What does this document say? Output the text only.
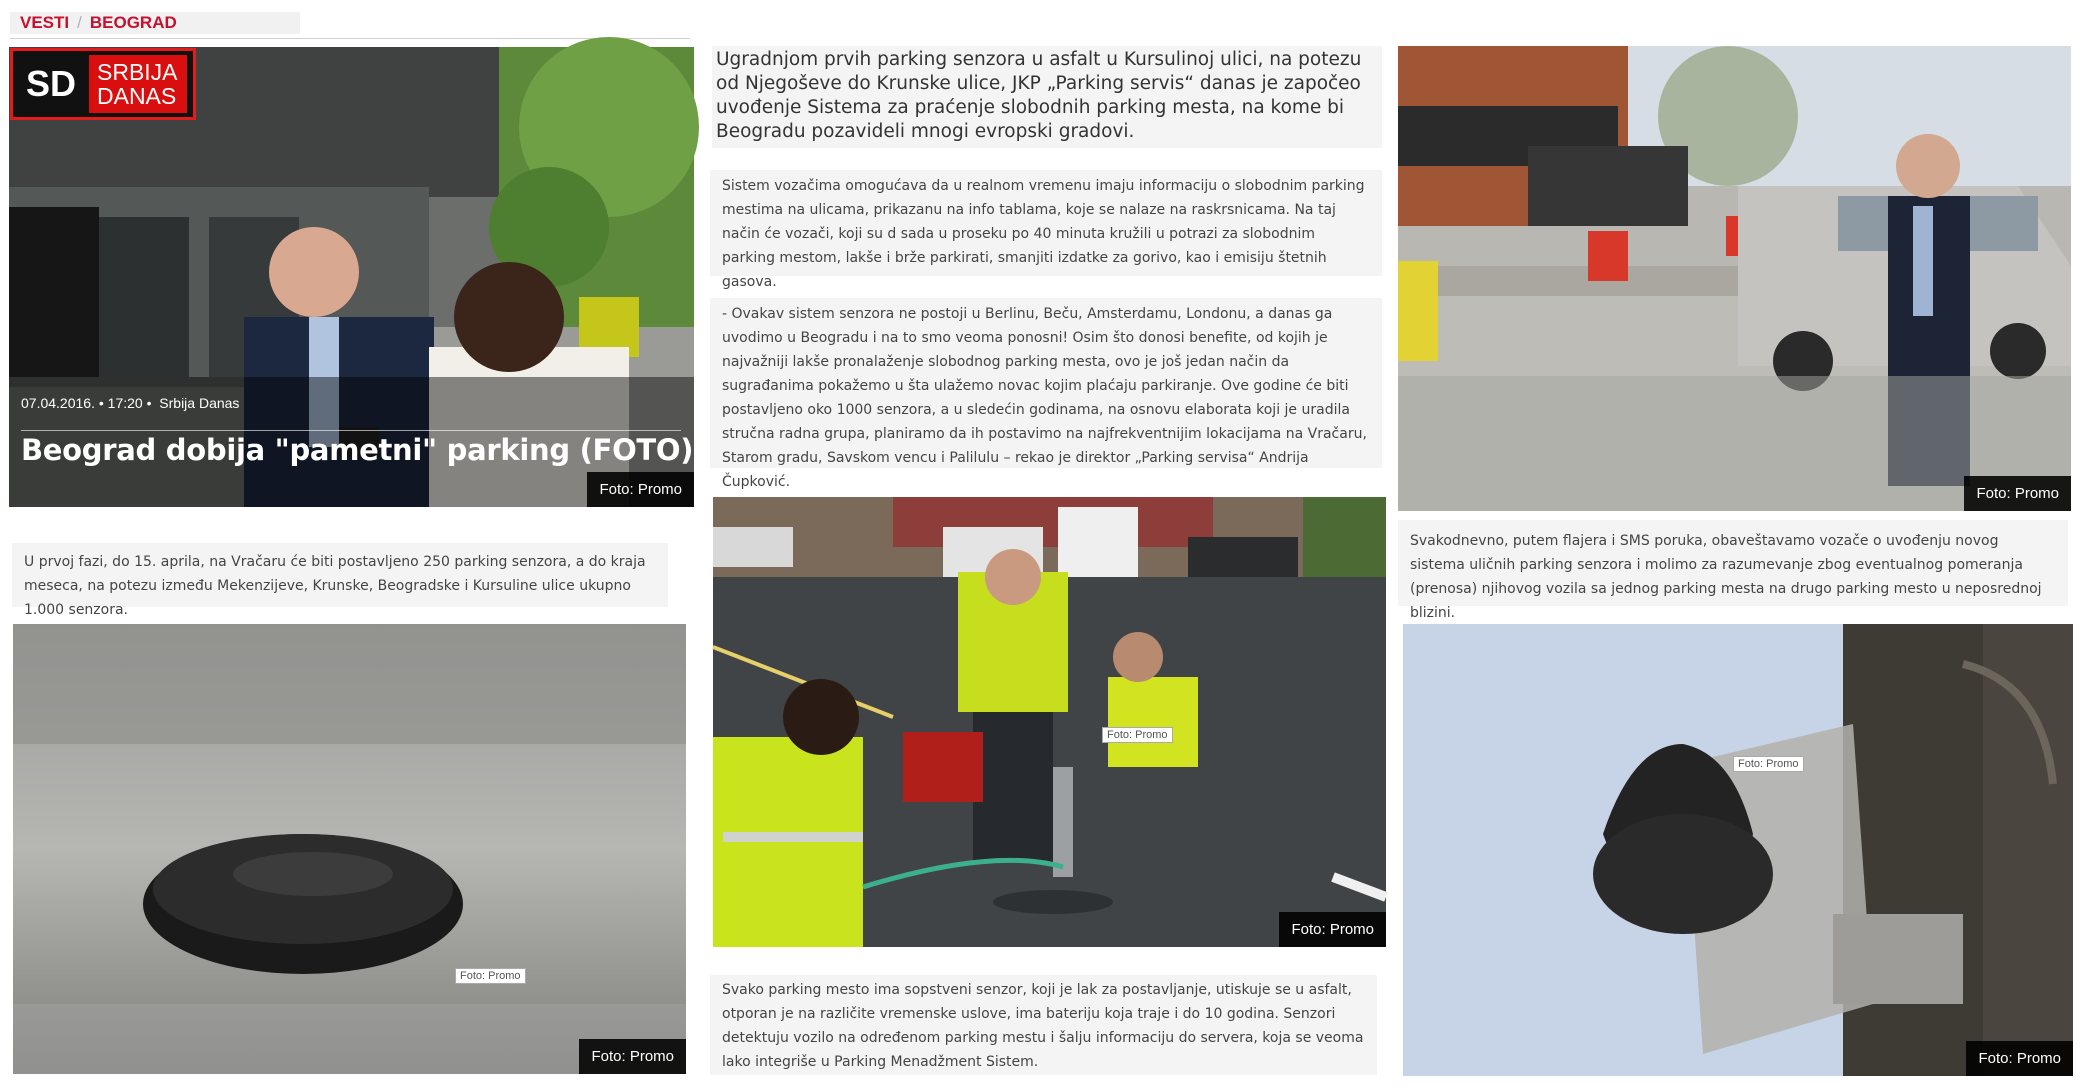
VESTI / BEOGRAD
Foto: Promo
SD SRBIJA
DANAS
07.04.2016. • 17:20 • Srbija Danas
Beograd dobija "pametni" parking (FOTO)
U prvoj fazi, do 15. aprila, na Vračaru će biti postavljeno 250 parking senzora, a do kraja meseca, na potezu između Mekenzijeve, Krunske, Beogradske i Kursuline ulice ukupno 1.000 senzora.
Foto: Promo
Foto: Promo
Ugradnjom prvih parking senzora u asfalt u Kursulinoj ulici, na potezu od Njegoševe do Krunske ulice, JKP „Parking servis“ danas je započeo uvođenje Sistema za praćenje slobodnih parking mesta, na kome bi Beogradu pozavideli mnogi evropski gradovi.
Sistem vozačima omogućava da u realnom vremenu imaju informaciju o slobodnim parking mestima na ulicama, prikazanu na info tablama, koje se nalaze na raskrsnicama. Na taj način će vozači, koji su d sada u proseku po 40 minuta kružili u potrazi za slobodnim parking mestom, lakše i brže parkirati, smanjiti izdatke za gorivo, kao i emisiju štetnih gasova.
- Ovakav sistem senzora ne postoji u Berlinu, Beču, Amsterdamu, Londonu, a danas ga uvodimo u Beogradu i na to smo veoma ponosni! Osim što donosi benefite, od kojih je najvažniji lakše pronalaženje slobodnog parking mesta, ovo je još jedan način da sugrađanima pokažemo u šta ulažemo novac kojim plaćaju parkiranje. Ove godine će biti postavljeno oko 1000 senzora, a u sledećin godinama, na osnovu elaborata koji je uradila stručna radna grupa, planiramo da ih postavimo na najfrekventnijim lokacijama na Vračaru, Starom gradu, Savskom vencu i Palilulu – rekao je direktor „Parking servisa“ Andrija Čupković.
Foto: Promo
Foto: Promo
Svako parking mesto ima sopstveni senzor, koji je lak za postavljanje, utiskuje se u asfalt, otporan je na različite vremenske uslove, ima bateriju koja traje i do 10 godina. Senzori detektuju vozilo na određenom parking mestu i šalju informaciju do servera, koja se veoma lako integriše u Parking Menadžment Sistem.
Foto: Promo
Svakodnevno, putem flajera i SMS poruka, obaveštavamo vozače o uvođenju novog sistema uličnih parking senzora i molimo za razumevanje zbog eventualnog pomeranja (prenosa) njihovog vozila sa jednog parking mesta na drugo parking mesto u neposrednoj blizini.
Foto: Promo
Foto: Promo
